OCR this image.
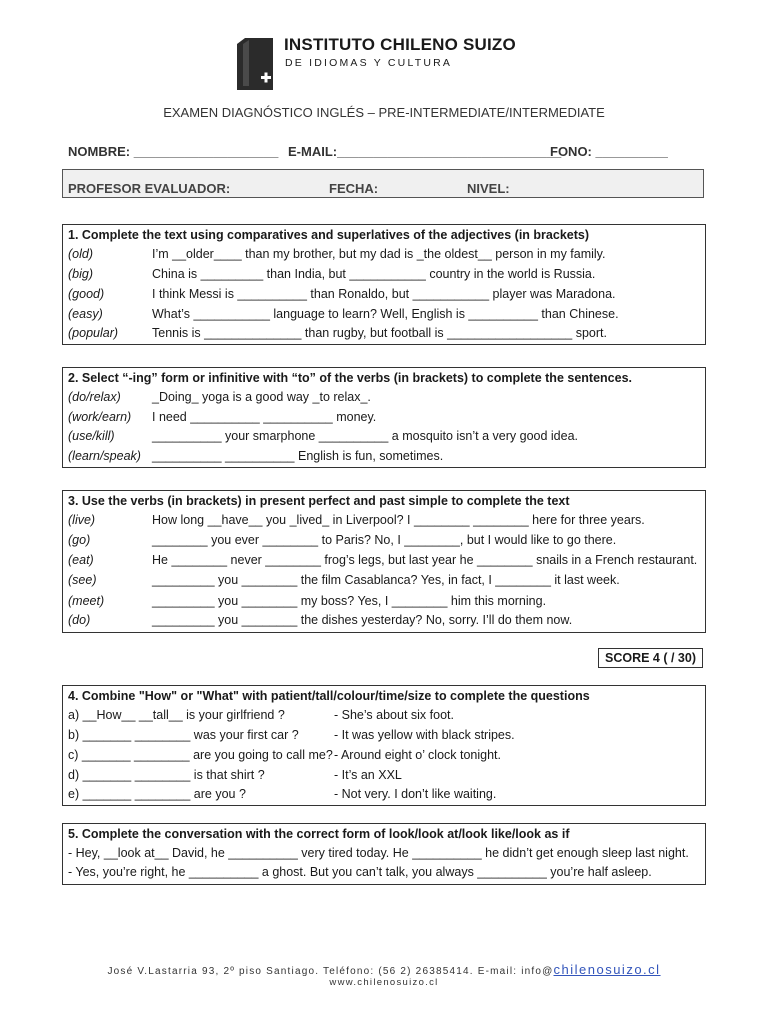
INSTITUTO CHILENO SUIZO
DE IDIOMAS Y CULTURA
EXAMEN DIAGNÓSTICO INGLÉS – PRE-INTERMEDIATE/INTERMEDIATE
NOMBRE: ____________________ E-MAIL:_______________________________
FONO: __________
PROFESOR EVALUADOR:	FECHA:	NIVEL:
1. Complete the text using comparatives and superlatives of the adjectives (in brackets)
(old)	I’m __older____ than my brother, but my dad is _the oldest__ person in my family.
(big)	China is _________ than India, but ___________ country in the world is Russia.
(good)	I think Messi is __________ than Ronaldo, but ___________ player was Maradona.
(easy)	What’s ___________ language to learn? Well, English is __________ than Chinese.
(popular)	Tennis is ______________ than rugby, but football is __________________ sport.
2. Select “-ing” form or infinitive with “to” of the verbs (in brackets) to complete the sentences.
(do/relax) _Doing_ yoga is a good way _to relax_.
(work/earn) I need __________ __________ money.
(use/kill)	__________ your smarphone __________ a mosquito isn’t a very good idea.
(learn/speak) __________ __________ English is fun, sometimes.
3. Use the verbs (in brackets) in present perfect and past simple to complete the text
(live)	How long __have__ you _lived_ in Liverpool? I ________ ________ here for three years.
(go)	________ you ever ________ to Paris? No, I ________, but I would like to go there.
(eat)	He ________ never ________ frog’s legs, but last year he ________ snails in a French restaurant.
(see)	_________ you ________ the film Casablanca? Yes, in fact, I ________ it last week.
(meet)	_________ you ________ my boss? Yes, I ________ him this morning.
(do)	_________ you ________ the dishes yesterday? No, sorry. I’ll do them now.
SCORE 4 ( / 30)
4. Combine "How" or "What" with patient/tall/colour/time/size to complete the questions
a) __How__ __tall__ is your girlfriend ?	- She’s about six foot.
b) _______ ________ was your first car ?	- It was yellow with black stripes.
c) _______ ________ are you going to call me? - Around eight o’ clock tonight.
d) _______ ________ is that shirt ?	- It’s an XXL
e) _______ ________ are you ?	- Not very. I don’t like waiting.
5. Complete the conversation with the correct form of look/look at/look like/look as if
- Hey, __look at__ David, he __________ very tired today. He __________ he didn’t get enough sleep last night.
- Yes, you’re right, he __________ a ghost. But you can’t talk, you always __________ you’re half asleep.
José V.Lastarria 93, 2º piso Santiago. Teléfono: (56 2) 26385414. E-mail: info@chilenosuizo.cl
www.chilenosuizo.cl
